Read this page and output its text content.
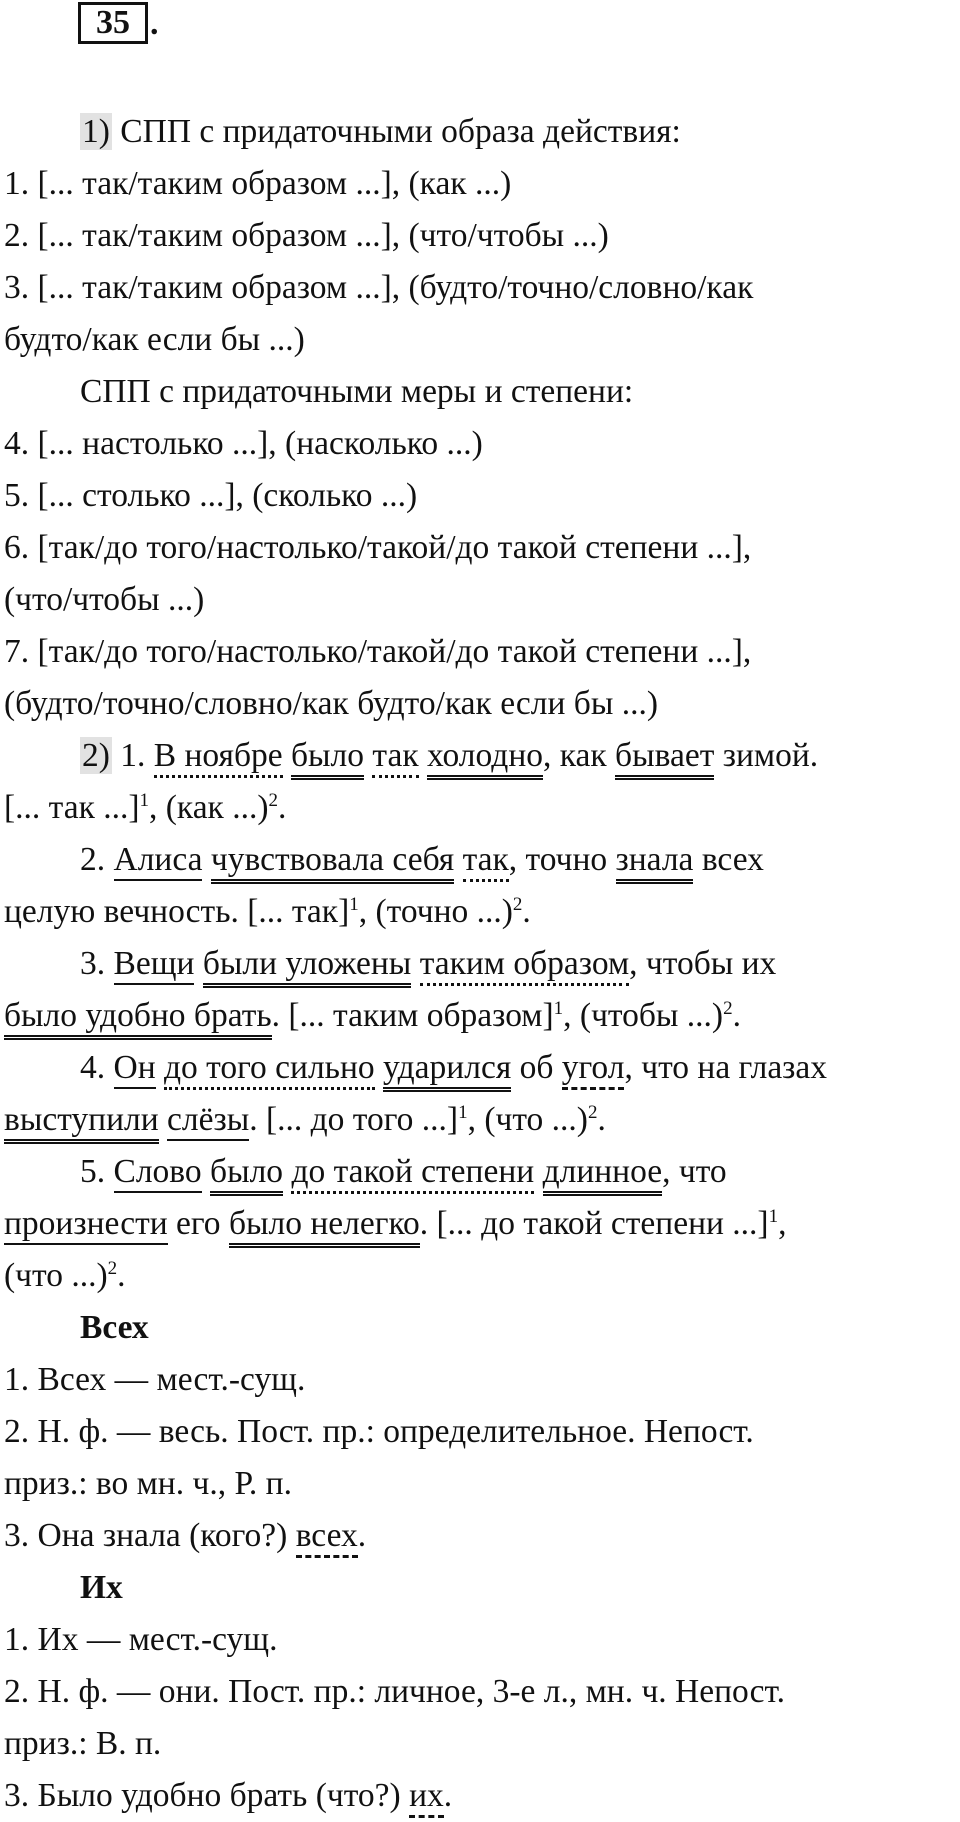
35 .
1) СПП с придаточными образа действия:
1. [... так/таким образом ...], (как ...)
2. [... так/таким образом ...], (что/чтобы ...)
3. [... так/таким образом ...], (будто/точно/словно/как
будто/как если бы ...)
СПП с придаточными меры и степени:
4. [... настолько ...], (насколько ...)
5. [... столько ...], (сколько ...)
6. [так/до того/настолько/такой/до такой степени ...],
(что/чтобы ...)
7. [так/до того/настолько/такой/до такой степени ...],
(будто/точно/словно/как будто/как если бы ...)
2) 1. В ноябре было так холодно, как бывает зимой.
[... так ...]$^1$, (как ...)$^2$.
2. Алиса чувствовала себя так, точно знала всех
целую вечность. [... так]$^1$, (точно ...)$^2$.
3. Вещи были уложены таким образом, чтобы их
было удобно брать. [... таким образом]$^1$, (чтобы ...)$^2$.
4. Он до того сильно ударился об угол, что на глазах
выступили слёзы. [... до того ...]$^1$, (что ...)$^2$.
5. Слово было до такой степени длинное, что
произнести его было нелегко. [... до такой степени ...]$^1$,
(что ...)$^2$.
Всех
1. Всех — мест.-сущ.
2. Н. ф. — весь. Пост. пр.: определительное. Непост.
приз.: во мн. ч., Р. п.
3. Она знала (кого?) всех.
Их
1. Их — мест.-сущ.
2. Н. ф. — они. Пост. пр.: личное, 3-е л., мн. ч. Непост.
приз.: В. п.
3. Было удобно брать (что?) их.
